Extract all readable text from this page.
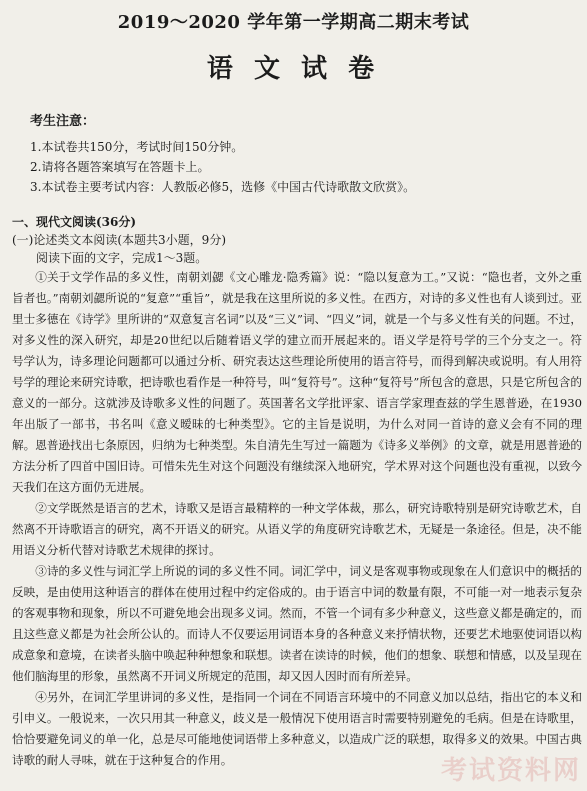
2019～2020 学年第一学期高二期末考试
语 文 试 卷
考生注意：
1.本试卷共150分，考试时间150分钟。
2.请将各题答案填写在答题卡上。
3.本试卷主要考试内容：人教版必修5，选修《中国古代诗歌散文欣赏》。
一、现代文阅读(36分)
(一)论述类文本阅读(本题共3小题，9分)
阅读下面的文字，完成1～3题。

①关于文学作品的多义性，南朝刘勰《文心雕龙·隐秀篇》说：“隐以复意为工。”又说：“隐也者，文外之重旨者也。”南朝刘勰所说的“复意”“重旨”，就是我在这里所说的多义性。在西方，对诗的多义性也有人谈到过。亚里士多德在《诗学》里所讲的“双意复言名词”以及“三义”词、“四义”词，就是一个与多义性有关的问题。不过，对多义性的深入研究，却是20世纪以后随着语义学的建立而开展起来的。语义学是符号学的三个分支之一。符号学认为，诗多理论问题都可以通过分析、研究表达这些理论所使用的语言符号，而得到解决或说明。有人用符号学的理论来研究诗歌，把诗歌也看作是一种符号，叫“复符号”。这种“复符号”所包含的意思，只是它所包含的意义的一部分。这就涉及诗歌多义性的问题了。英国著名文学批评家、语言学家理查兹的学生恩普逊，在1930年出版了一部书，书名叫《意义暧昧的七种类型》。它的主旨是说明，为什么对同一首诗的意义会有不同的理解。恩普逊找出七条原因，归纳为七种类型。朱自清先生写过一篇题为《诗多义举例》的文章，就是用恩普逊的方法分析了四首中国旧诗。可惜朱先生对这个问题没有继续深入地研究，学术界对这个问题也没有重视，以致今天我们在这方面仍无进展。

②文学既然是语言的艺术，诗歌又是语言最精粹的一种文学体裁，那么，研究诗歌特别是研究诗歌艺术，自然离不开诗歌语言的研究，离不开语义的研究。从语义学的角度研究诗歌艺术，无疑是一条途径。但是，决不能用语义分析代替对诗歌艺术规律的探讨。

③诗的多义性与词汇学上所说的词的多义性不同。词汇学中，词义是客观事物或现象在人们意识中的概括的反映，是由使用这种语言的群体在使用过程中约定俗成的。由于语言中词的数量有限，不可能一对一地表示复杂的客观事物和现象，所以不可避免地会出现多义词。然而，不管一个词有多少种意义，这些意义都是确定的，而且这些意义都是为社会所公认的。而诗人不仅要运用词语本身的各种意义来抒情状物，还要艺术地驱使词语以构成意象和意境，在读者头脑中唤起种种想象和联想。读者在读诗的时候，他们的想象、联想和情感，以及呈现在他们脑海里的形象，虽然离不开词义所规定的范围，却又因人因时而有所差异。

④另外，在词汇学里讲词的多义性，是指同一个词在不同语言环境中的不同意义加以总结，指出它的本义和引申义。一般说来，一次只用其一种意义，歧义是一般情况下使用语言时需要特别避免的毛病。但是在诗歌里，恰恰要避免词义的单一化，总是尽可能地使词语带上多种意义，以造成广泛的联想，取得多义的效果。中国古典诗歌的耐人寻味，就在于这种复合的作用。	考试资料网
